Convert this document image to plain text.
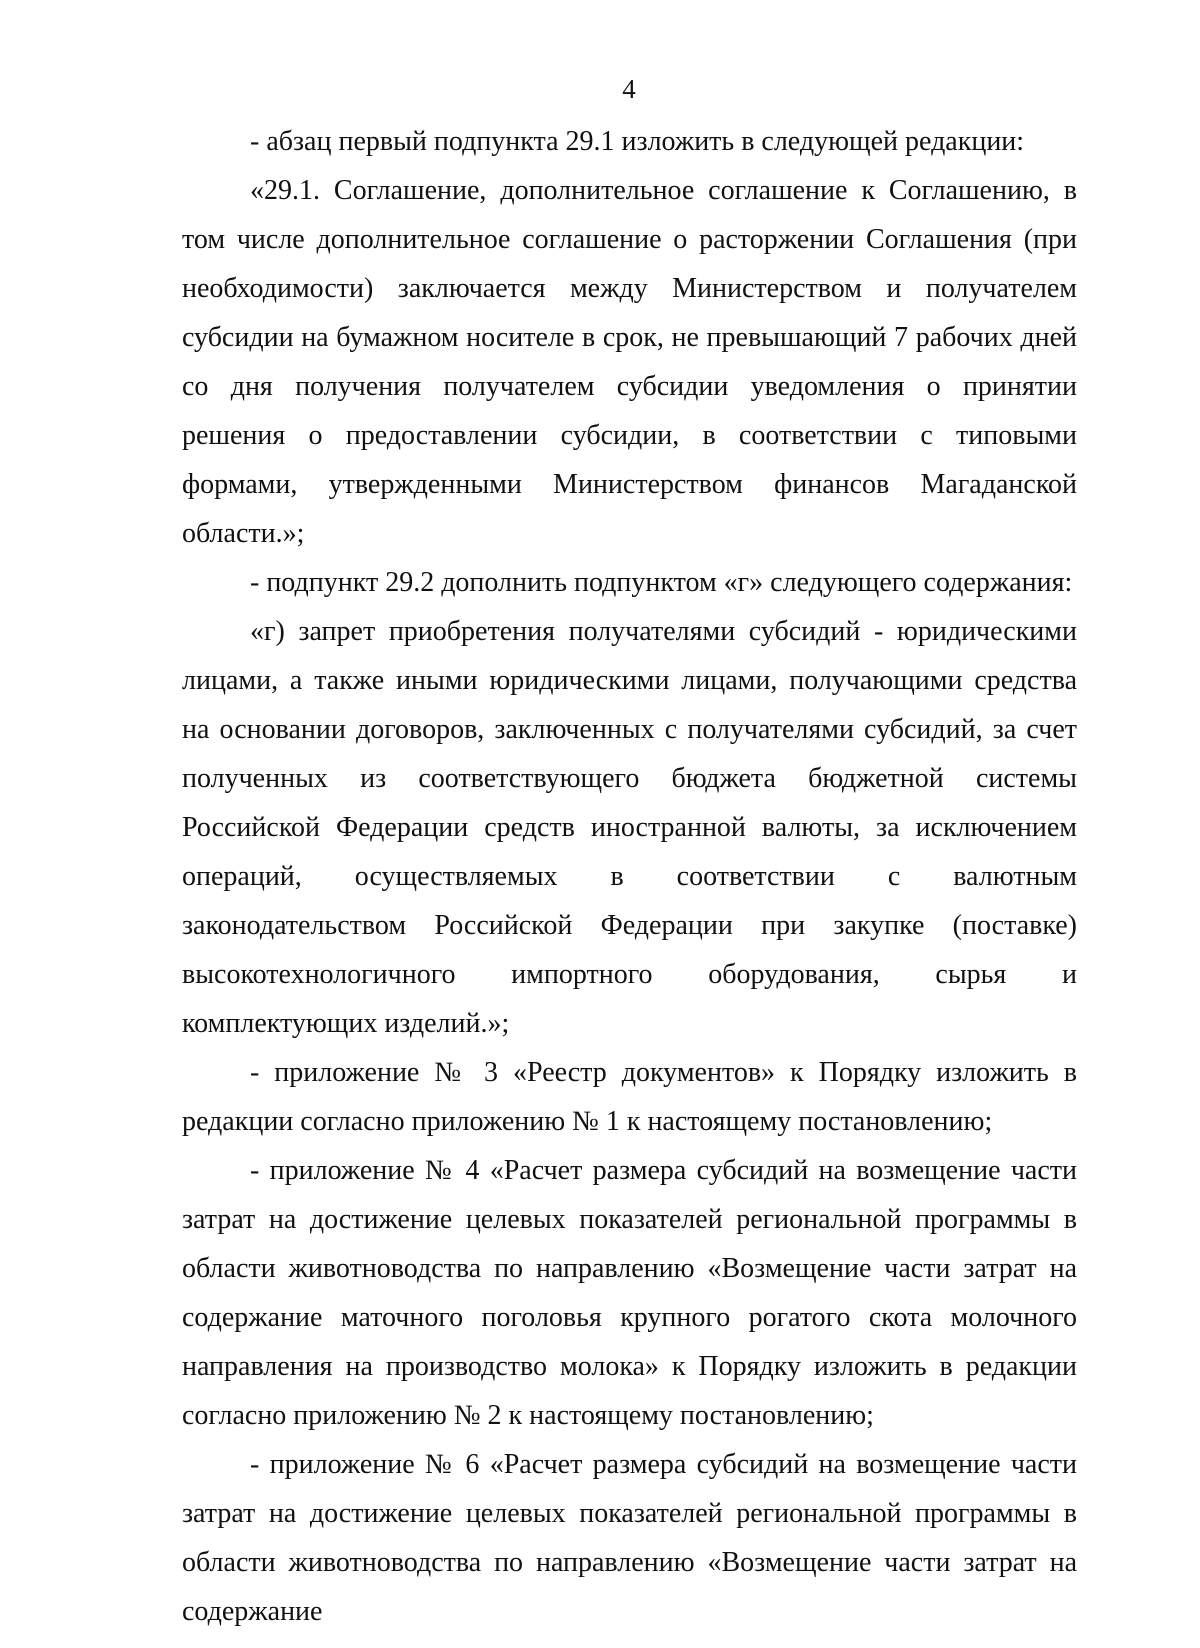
4

- абзац первый подпункта 29.1 изложить в следующей редакции:

«29.1. Соглашение, дополнительное соглашение к Соглашению, в том числе дополнительное соглашение о расторжении Соглашения (при необходимости) заключается между Министерством и получателем субсидии на бумажном носителе в срок, не превышающий 7 рабочих дней со дня получения получателем субсидии уведомления о принятии решения о предоставлении субсидии, в соответствии с типовыми формами, утвержденными Министерством финансов Магаданской области.»;

- подпункт 29.2 дополнить подпунктом «г» следующего содержания:

«г) запрет приобретения получателями субсидий - юридическими лицами, а также иными юридическими лицами, получающими средства на основании договоров, заключенных с получателями субсидий, за счет полученных из соответствующего бюджета бюджетной системы Российской Федерации средств иностранной валюты, за исключением операций, осуществляемых в соответствии с валютным законодательством Российской Федерации при закупке (поставке) высокотехнологичного импортного оборудования, сырья и комплектующих изделий.»;

- приложение № 3 «Реестр документов» к Порядку изложить в редакции согласно приложению № 1 к настоящему постановлению;

- приложение № 4 «Расчет размера субсидий на возмещение части затрат на достижение целевых показателей региональной программы в области животноводства по направлению «Возмещение части затрат на содержание маточного поголовья крупного рогатого скота молочного направления на производство молока» к Порядку изложить в редакции согласно приложению № 2 к настоящему постановлению;

- приложение № 6 «Расчет размера субсидий на возмещение части затрат на достижение целевых показателей региональной программы в области животноводства по направлению «Возмещение части затрат на содержание
